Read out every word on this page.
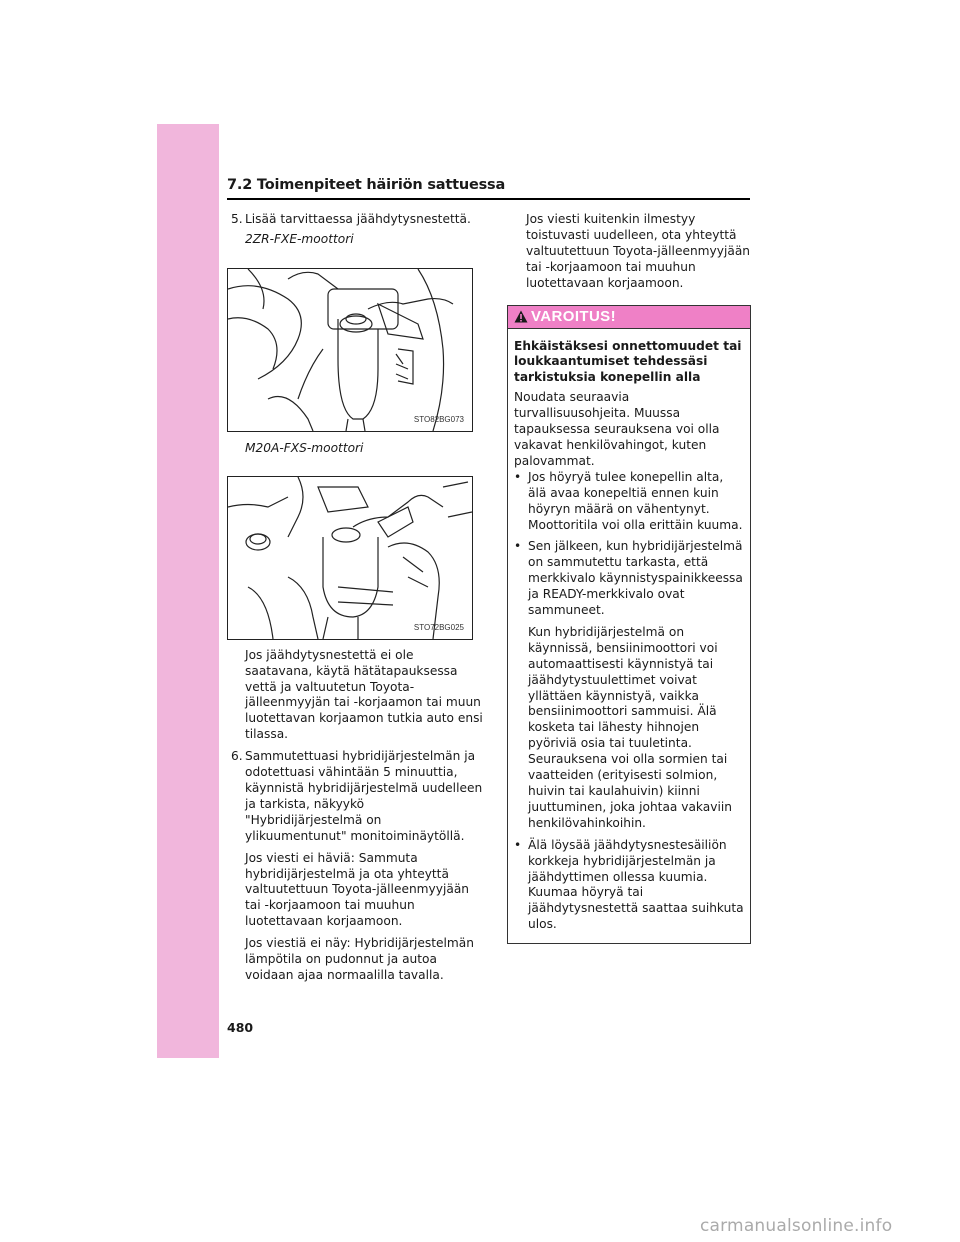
7.2 Toimenpiteet häiriön sattuessa
5. Lisää tarvittaessa jäähdytysnestettä.
2ZR-FXE-moottori
STO82BG073
M20A-FXS-moottori
STO72BG025
Jos jäähdytysnestettä ei ole saatavana, käytä hätätapauksessa vettä ja valtuutetun Toyota-jälleenmyyjän tai -korjaamon tai muun luotettavan korjaamon tutkia auto ensi tilassa.
6. Sammutettuasi hybridijärjestelmän ja odotettuasi vähintään 5 minuuttia, käynnistä hybridijärjestelmä uudelleen ja tarkista, näkyykö "Hybridijärjestelmä on ylikuumentunut" monitoiminäytöllä.
Jos viesti ei häviä: Sammuta hybridijärjestelmä ja ota yhteyttä valtuutettuun Toyota-jälleenmyyjään tai -korjaamoon tai muuhun luotettavaan korjaamoon.
Jos viestiä ei näy: Hybridijärjestelmän lämpötila on pudonnut ja autoa voidaan ajaa normaalilla tavalla.
Jos viesti kuitenkin ilmestyy toistuvasti uudelleen, ota yhteyttä valtuutettuun Toyota-jälleenmyyjään tai -korjaamoon tai muuhun luotettavaan korjaamoon.
VAROITUS!
Ehkäistäksesi onnettomuudet tai loukkaantumiset tehdessäsi tarkistuksia konepellin alla
Noudata seuraavia turvallisuusohjeita. Muussa tapauksessa seurauksena voi olla vakavat henkilövahingot, kuten palovammat.
• Jos höyryä tulee konepellin alta, älä avaa konepeltiä ennen kuin höyryn määrä on vähentynyt. Moottoritila voi olla erittäin kuuma.

• Sen jälkeen, kun hybridijärjestelmä on sammutettu tarkasta, että merkkivalo käynnistyspainikkeessa ja READY-merkkivalo ovat sammuneet.

Kun hybridijärjestelmä on käynnissä, bensiinimoottori voi automaattisesti käynnistyä tai jäähdytystuulettimet voivat yllättäen käynnistyä, vaikka bensiinimoottori sammuisi. Älä kosketa tai lähesty hihnojen pyöriviä osia tai tuuletinta. Seurauksena voi olla sormien tai vaatteiden (erityisesti solmion, huivin tai kaulahuivin) kiinni juuttuminen, joka johtaa vakaviin henkilövahinkoihin.

• Älä löysää jäähdytysnestesäiliön korkkeja hybridijärjestelmän ja jäähdyttimen ollessa kuumia. Kuumaa höyryä tai jäähdytysnestettä saattaa suihkuta ulos.

480
carmanualsonline.info
